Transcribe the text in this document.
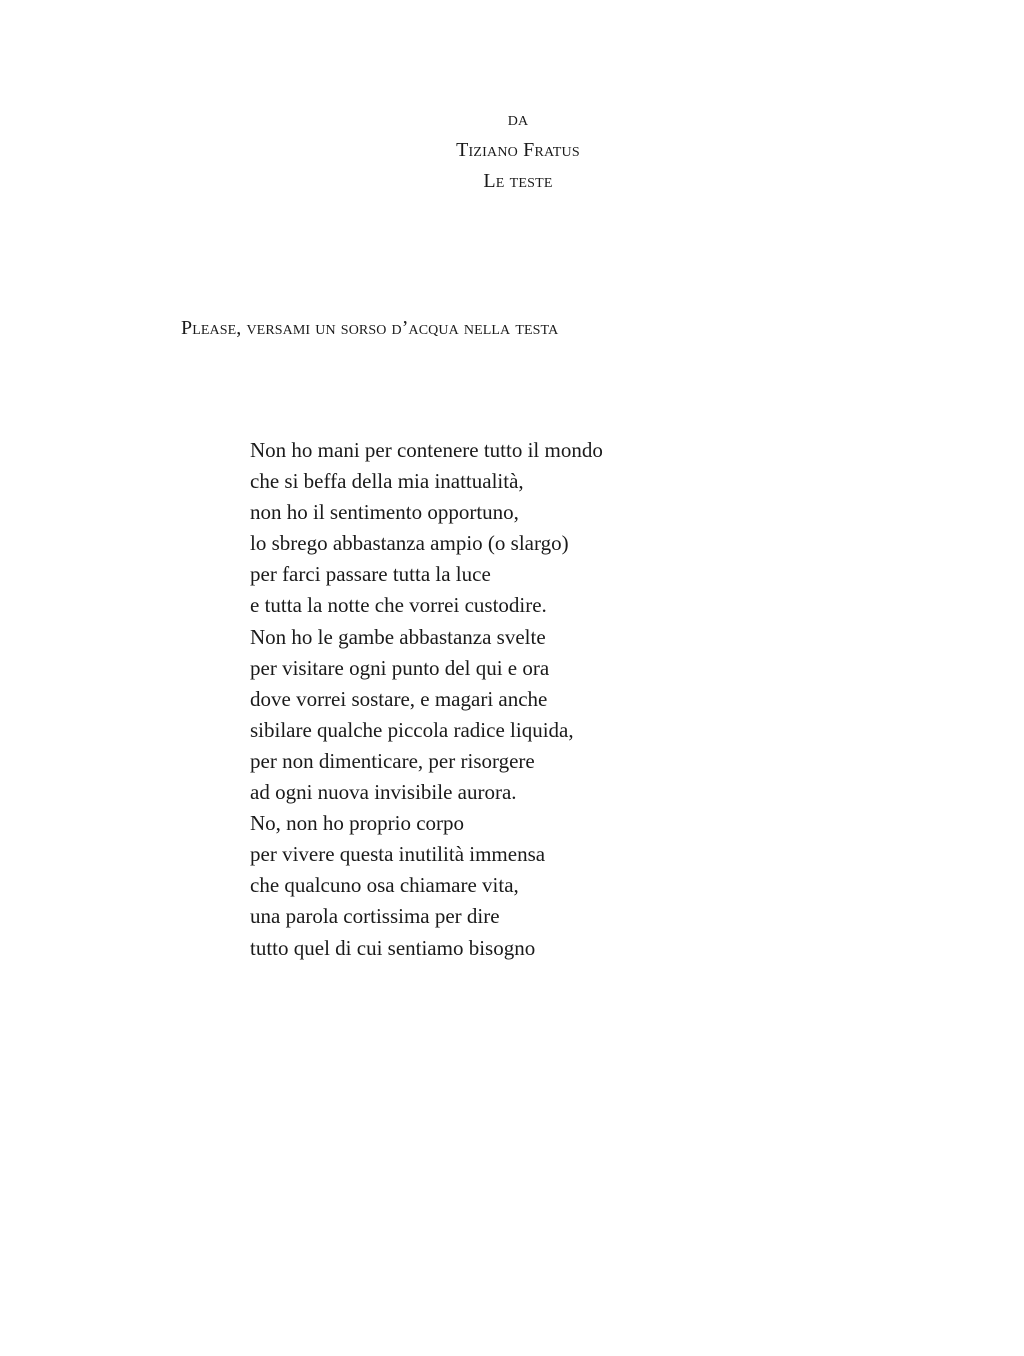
da
Tiziano Fratus
Le teste
Please, versami un sorso d’acqua nella testa
Non ho mani per contenere tutto il mondo
che si beffa della mia inattualità,
non ho il sentimento opportuno,
lo sbrego abbastanza ampio (o slargo)
per farci passare tutta la luce
e tutta la notte che vorrei custodire.
Non ho le gambe abbastanza svelte
per visitare ogni punto del qui e ora
dove vorrei sostare, e magari anche
sibilare qualche piccola radice liquida,
per non dimenticare, per risorgere
ad ogni nuova invisibile aurora.
No, non ho proprio corpo
per vivere questa inutilità immensa
che qualcuno osa chiamare vita,
una parola cortissima per dire
tutto quel di cui sentiamo bisogno
